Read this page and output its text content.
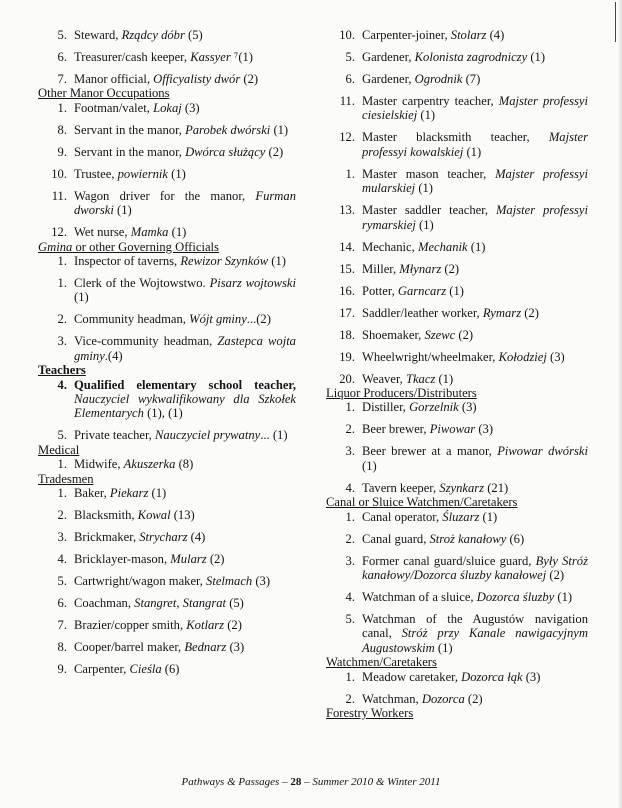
5. Steward, Rządcy dóbr (5)
6. Treasurer/cash keeper, Kassyer ⁷(1)
7. Manor official, Officyalisty dwór (2)
Other Manor Occupations
1. Footman/valet, Lokaj (3)
8. Servant in the manor, Parobek dwórski (1)
9. Servant in the manor, Dwórca służący (2)
10. Trustee, powiernik (1)
11. Wagon driver for the manor, Furman dworski (1)
12. Wet nurse, Mamka (1)
Gmina or other Governing Officials
1. Inspector of taverns, Rewizor Szynków (1)
1. Clerk of the Wojtowstwo. Pisarz wojtowski (1)
2. Community headman, Wójt gminy...(2)
3. Vice-community headman, Zastepca wojta gminy.(4)
Teachers
4. Qualified elementary school teacher, Nauczyciel wykwalifikowany dla Szkołek Elementarych (1), (1)
5. Private teacher, Nauczyciel prywatny... (1)
Medical
1. Midwife, Akuszerka (8)
Tradesmen
1. Baker, Piekarz (1)
2. Blacksmith, Kowal (13)
3. Brickmaker, Strycharz (4)
4. Bricklayer-mason, Mularz (2)
5. Cartwright/wagon maker, Stelmach (3)
6. Coachman, Stangret, Stangrat (5)
7. Brazier/copper smith, Kotlarz (2)
8. Cooper/barrel maker, Bednarz (3)
9. Carpenter, Cieśla (6)
10. Carpenter-joiner, Stolarz (4)
5. Gardener, Kolonista zagrodniczy (1)
6. Gardener, Ogrodnik (7)
11. Master carpentry teacher, Majster professyi ciesielskiej (1)
12. Master blacksmith teacher, Majster professyi kowalskiej (1)
1. Master mason teacher, Majster professyi mularskiej (1)
13. Master saddler teacher, Majster professyi rymarskiej (1)
14. Mechanic, Mechanik (1)
15. Miller, Młynarz (2)
16. Potter, Garncarz (1)
17. Saddler/leather worker, Rymarz (2)
18. Shoemaker, Szewc (2)
19. Wheelwright/wheelmaker, Kołodziej (3)
20. Weaver, Tkacz (1)
Liquor Producers/Distributers
1. Distiller, Gorzelnik (3)
2. Beer brewer, Piwowar (3)
3. Beer brewer at a manor, Piwowar dwórski (1)
4. Tavern keeper, Szynkarz (21)
Canal or Sluice Watchmen/Caretakers
1. Canal operator, Śluzarz (1)
2. Canal guard, Stroż kanałowy (6)
3. Former canal guard/sluice guard, Były Stróż kanałowy/Dozorca śluzby kanałowej (2)
4. Watchman of a sluice, Dozorca śluzby (1)
5. Watchman of the Augustów navigation canal, Stróż przy Kanale nawigacyjnym Augustowskim (1)
Watchmen/Caretakers
1. Meadow caretaker, Dozorca łąk (3)
2. Watchman, Dozorca (2)
Forestry Workers
Pathways & Passages – 28 – Summer 2010 & Winter 2011
